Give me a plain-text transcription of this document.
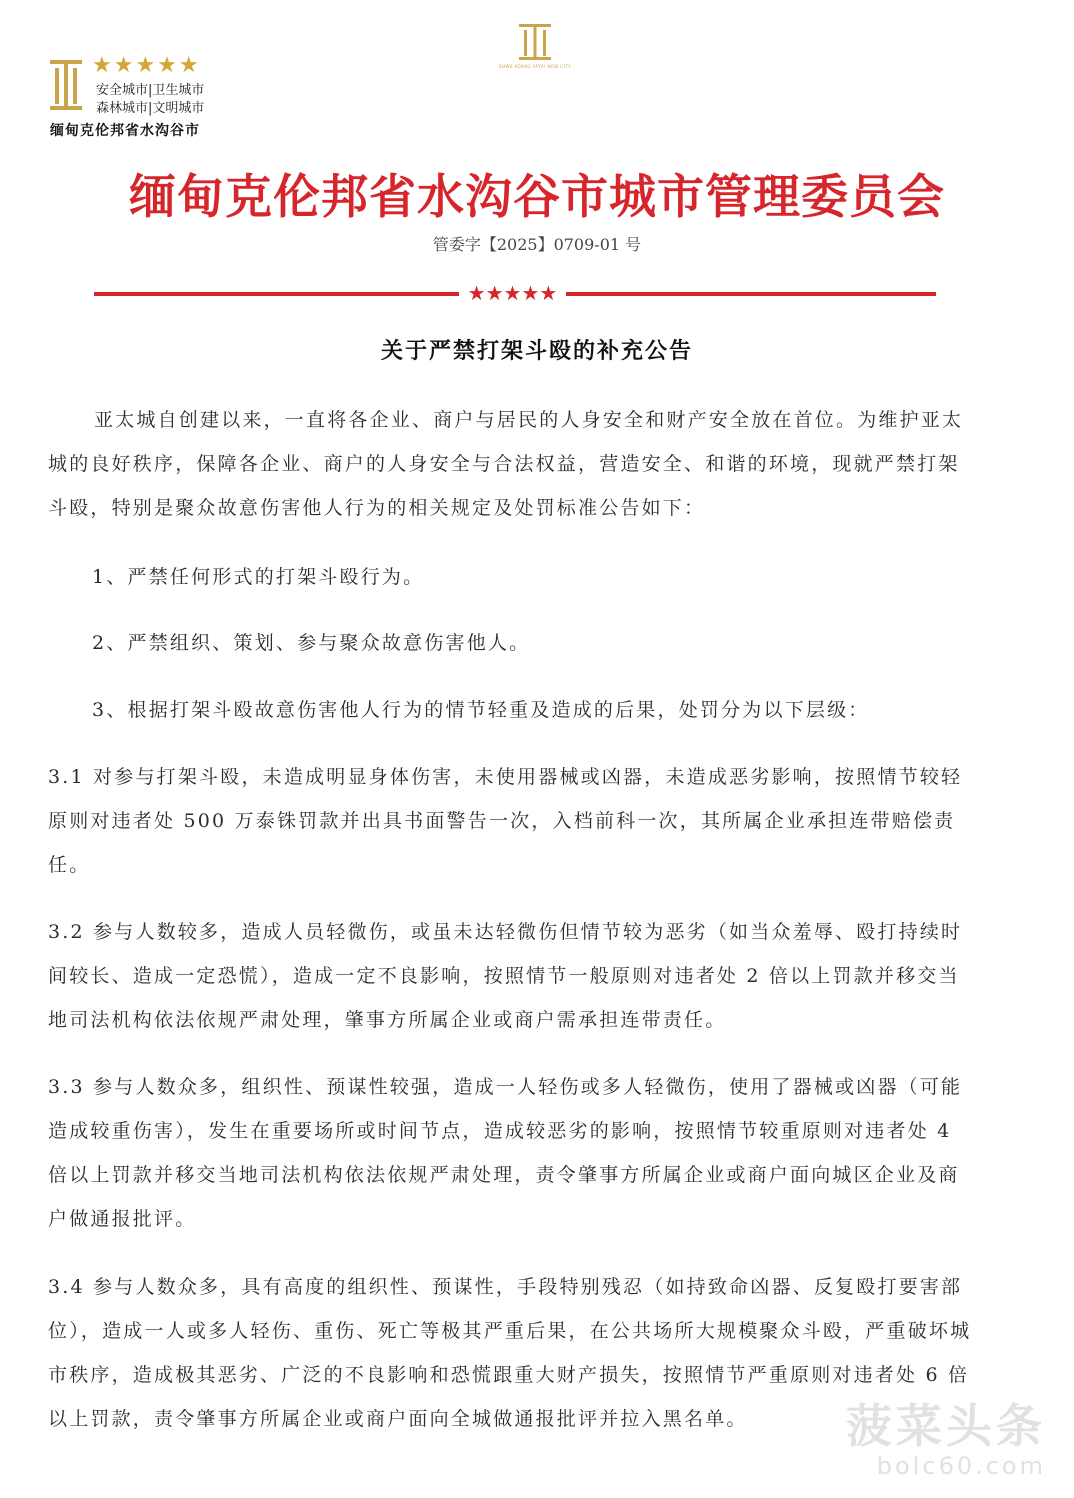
★★★★★
安全城市|卫生城市
森林城市|文明城市
缅甸克伦邦省水沟谷市
SHWE KOKKO YATAI NEW CITY
缅甸克伦邦省水沟谷市城市管理委员会
管委字【2025】0709-01 号
★★★★★
关于严禁打架斗殴的补充公告

亚太城自创建以来，一直将各企业、商户与居民的人身安全和财产安全放在首位。为维护亚太城的良好秩序，保障各企业、商户的人身安全与合法权益，营造安全、和谐的环境，现就严禁打架斗殴，特别是聚众故意伤害他人行为的相关规定及处罚标准公告如下：

1、严禁任何形式的打架斗殴行为。

2、严禁组织、策划、参与聚众故意伤害他人。

3、根据打架斗殴故意伤害他人行为的情节轻重及造成的后果，处罚分为以下层级：

3.1 对参与打架斗殴，未造成明显身体伤害，未使用器械或凶器，未造成恶劣影响，按照情节较轻原则对违者处 500 万泰铢罚款并出具书面警告一次，入档前科一次，其所属企业承担连带赔偿责任。

3.2 参与人数较多，造成人员轻微伤，或虽未达轻微伤但情节较为恶劣（如当众羞辱、殴打持续时间较长、造成一定恐慌），造成一定不良影响，按照情节一般原则对违者处 2 倍以上罚款并移交当地司法机构依法依规严肃处理，肇事方所属企业或商户需承担连带责任。

3.3 参与人数众多，组织性、预谋性较强，造成一人轻伤或多人轻微伤，使用了器械或凶器（可能造成较重伤害），发生在重要场所或时间节点，造成较恶劣的影响，按照情节较重原则对违者处 4 倍以上罚款并移交当地司法机构依法依规严肃处理，责令肇事方所属企业或商户面向城区企业及商户做通报批评。

3.4 参与人数众多，具有高度的组织性、预谋性，手段特别残忍（如持致命凶器、反复殴打要害部位），造成一人或多人轻伤、重伤、死亡等极其严重后果，在公共场所大规模聚众斗殴，严重破坏城市秩序，造成极其恶劣、广泛的不良影响和恐慌跟重大财产损失，按照情节严重原则对违者处 6 倍以上罚款，责令肇事方所属企业或商户面向全城做通报批评并拉入黑名单。	菠菜头条
bolc60.com
